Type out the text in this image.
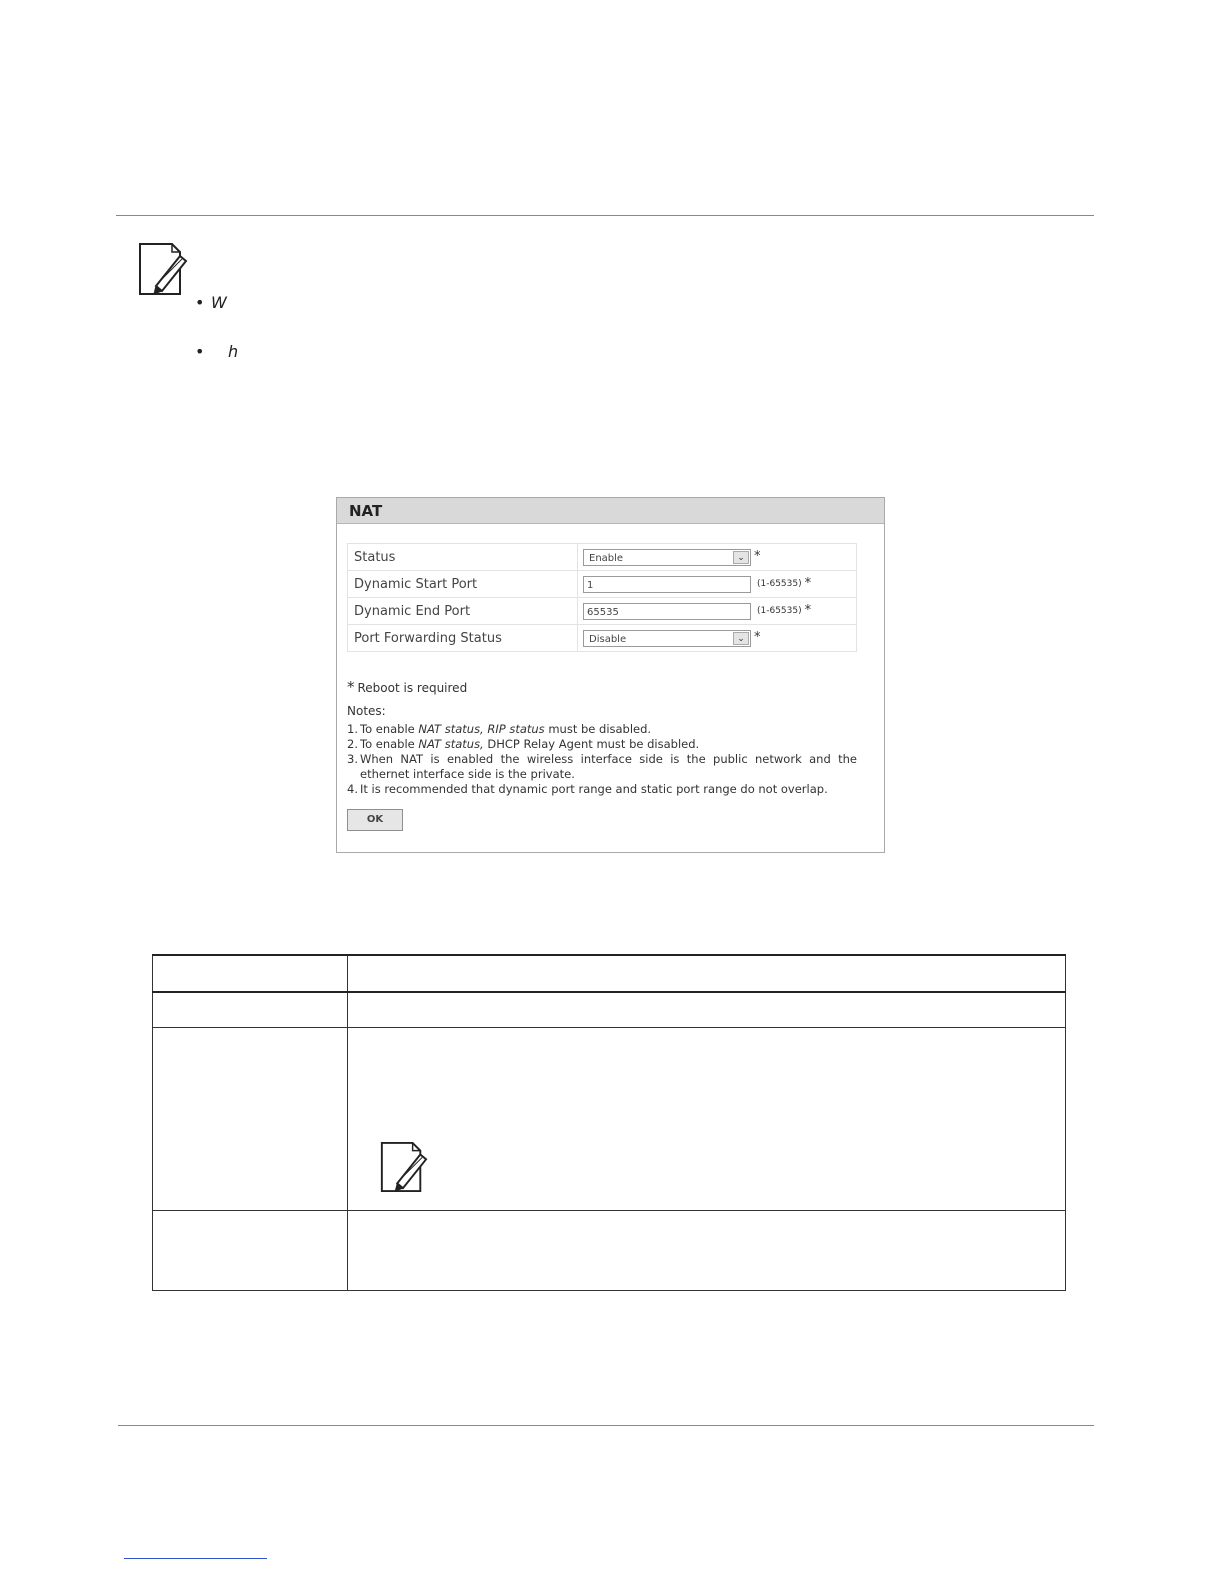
• W
• h
NAT
Status	Enable ⌄ *
Dynamic Start Port	1 (1-65535) *
Dynamic End Port	65535 (1-65535) *
Port Forwarding Status	Disable ⌄ *
* Reboot is required
Notes:
1. To enable NAT status, RIP status must be disabled.
2. To enable NAT status, DHCP Relay Agent must be disabled.
3. When NAT is enabled the wireless interface side is the public network and the ethernet interface side is the private.
4. It is recommended that dynamic port range and static port range do not overlap.
OK
